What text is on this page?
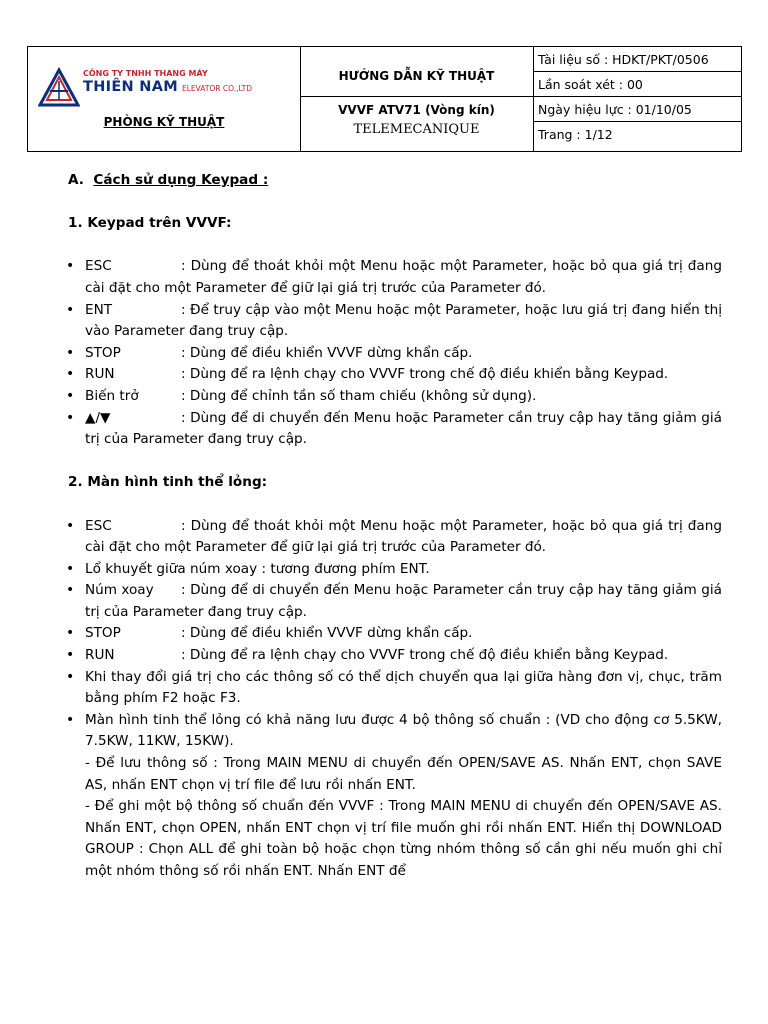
CÔNG TY TNHH THANG MÁY
THIÊN NAM ELEVATOR CO.,LTD
PHÒNG KỸ THUẬT
HƯỚNG DẪN KỸ THUẬT
VVVF ATV71 (Vòng kín)
TELEMECANIQUE
Tài liệu số : HDKT/PKT/0506
Lần soát xét : 00
Ngày hiệu lực : 01/10/05
Trang : 1/12
A. Cách sử dụng Keypad :
1. Keypad trên VVVF:
• ESC	: Dùng để thoát khỏi một Menu hoặc một Parameter, hoặc bỏ qua giá trị đang cài đặt cho một Parameter để giữ lại giá trị trước của Parameter đó.
• ENT	: Để truy cập vào một Menu hoặc một Parameter, hoặc lưu giá trị đang hiển thị vào Parameter đang truy cập.
• STOP	: Dùng để điều khiển VVVF dừng khẩn cấp.
• RUN	: Dùng để ra lệnh chạy cho VVVF trong chế độ điều khiển bằng Keypad.
• Biến trở	: Dùng để chỉnh tần số tham chiếu (không sử dụng).
• ▲/▼	: Dùng để di chuyển đến Menu hoặc Parameter cần truy cập hay tăng giảm giá trị của Parameter đang truy cập.
2. Màn hình tinh thể lỏng:
• ESC	: Dùng để thoát khỏi một Menu hoặc một Parameter, hoặc bỏ qua giá trị đang cài đặt cho một Parameter để giữ lại giá trị trước của Parameter đó.
• Lổ khuyết giữa núm xoay : tương đương phím ENT.
• Núm xoay : Dùng để di chuyển đến Menu hoặc Parameter cần truy cập hay tăng giảm giá trị của Parameter đang truy cập.
• STOP	: Dùng để điều khiển VVVF dừng khẩn cấp.
• RUN	: Dùng để ra lệnh chạy cho VVVF trong chế độ điều khiển bằng Keypad.
• Khi thay đổi giá trị cho các thông số có thể dịch chuyển qua lại giữa hàng đơn vị, chục, trăm bằng phím F2 hoặc F3.
• Màn hình tinh thể lỏng có khả năng lưu được 4 bộ thông số chuẩn : (VD cho động cơ 5.5KW, 7.5KW, 11KW, 15KW).
- Để lưu thông số : Trong MAIN MENU di chuyển đến OPEN/SAVE AS. Nhấn ENT, chọn SAVE AS, nhấn ENT chọn vị trí file để lưu rồi nhấn ENT.
- Để ghi một bộ thông số chuẩn đến VVVF : Trong MAIN MENU di chuyển đến OPEN/SAVE AS. Nhấn ENT, chọn OPEN, nhấn ENT chọn vị trí file muốn ghi rồi nhấn ENT. Hiển thị DOWNLOAD GROUP : Chọn ALL để ghi toàn bộ hoặc chọn từng nhóm thông số cần ghi nếu muốn ghi chỉ một nhóm thông số rồi nhấn ENT. Nhấn ENT để
